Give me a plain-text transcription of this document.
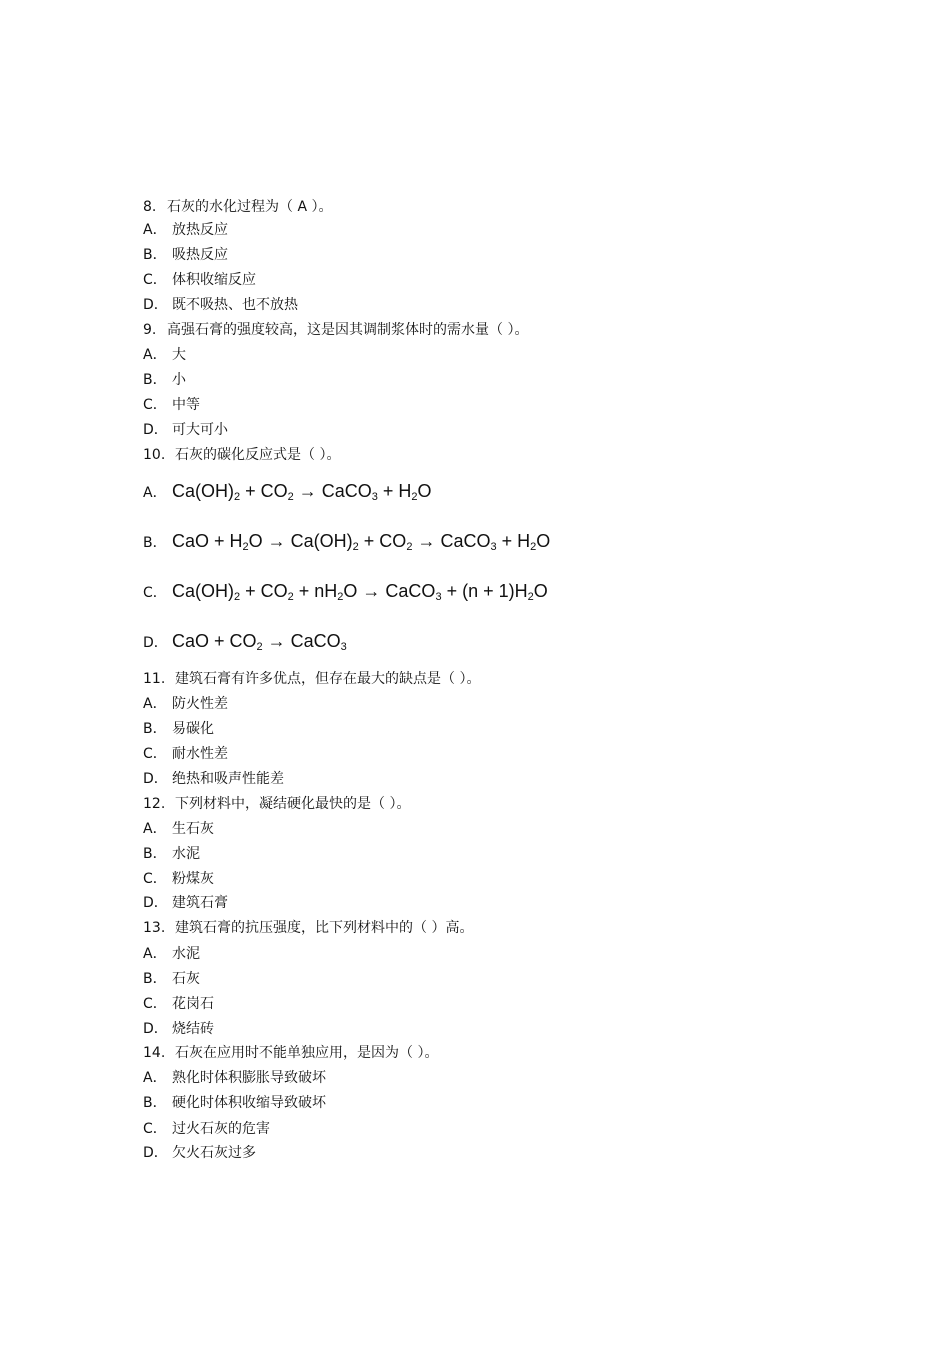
8. 石灰的水化过程为（ A ）。
A． 放热反应
B． 吸热反应
C． 体积收缩反应
D． 既不吸热、也不放热
9. 高强石膏的强度较高，这是因其调制浆体时的需水量（ ）。
A． 大
B． 小
C． 中等
D． 可大可小
10. 石灰的碳化反应式是（ ）。
A． $Ca(OH)_2 + CO_2$ → CaCO$_3$ + $H_2O$
B． CaO + $H_2O \to Ca(OH)_2 + CO_2$ → CaCO$_3$ + $H_2O$
C． $Ca(OH)_2 + CO_2 + nH_2O$ → CaCO$_3$ + $(n + 1)H_2O$
D． CaO + $CO_2$ → CaCO$_3$
11. 建筑石膏有许多优点，但存在最大的缺点是（ ）。
A． 防火性差
B． 易碳化
C． 耐水性差
D． 绝热和吸声性能差
12. 下列材料中，凝结硬化最快的是（ ）。
A． 生石灰
B． 水泥
C． 粉煤灰
D． 建筑石膏
13. 建筑石膏的抗压强度，比下列材料中的（ ）高。
A． 水泥
B． 石灰
C． 花岗石
D． 烧结砖
14. 石灰在应用时不能单独应用，是因为（ ）。
A． 熟化时体积膨胀导致破坏
B． 硬化时体积收缩导致破坏
C． 过火石灰的危害
D． 欠火石灰过多
